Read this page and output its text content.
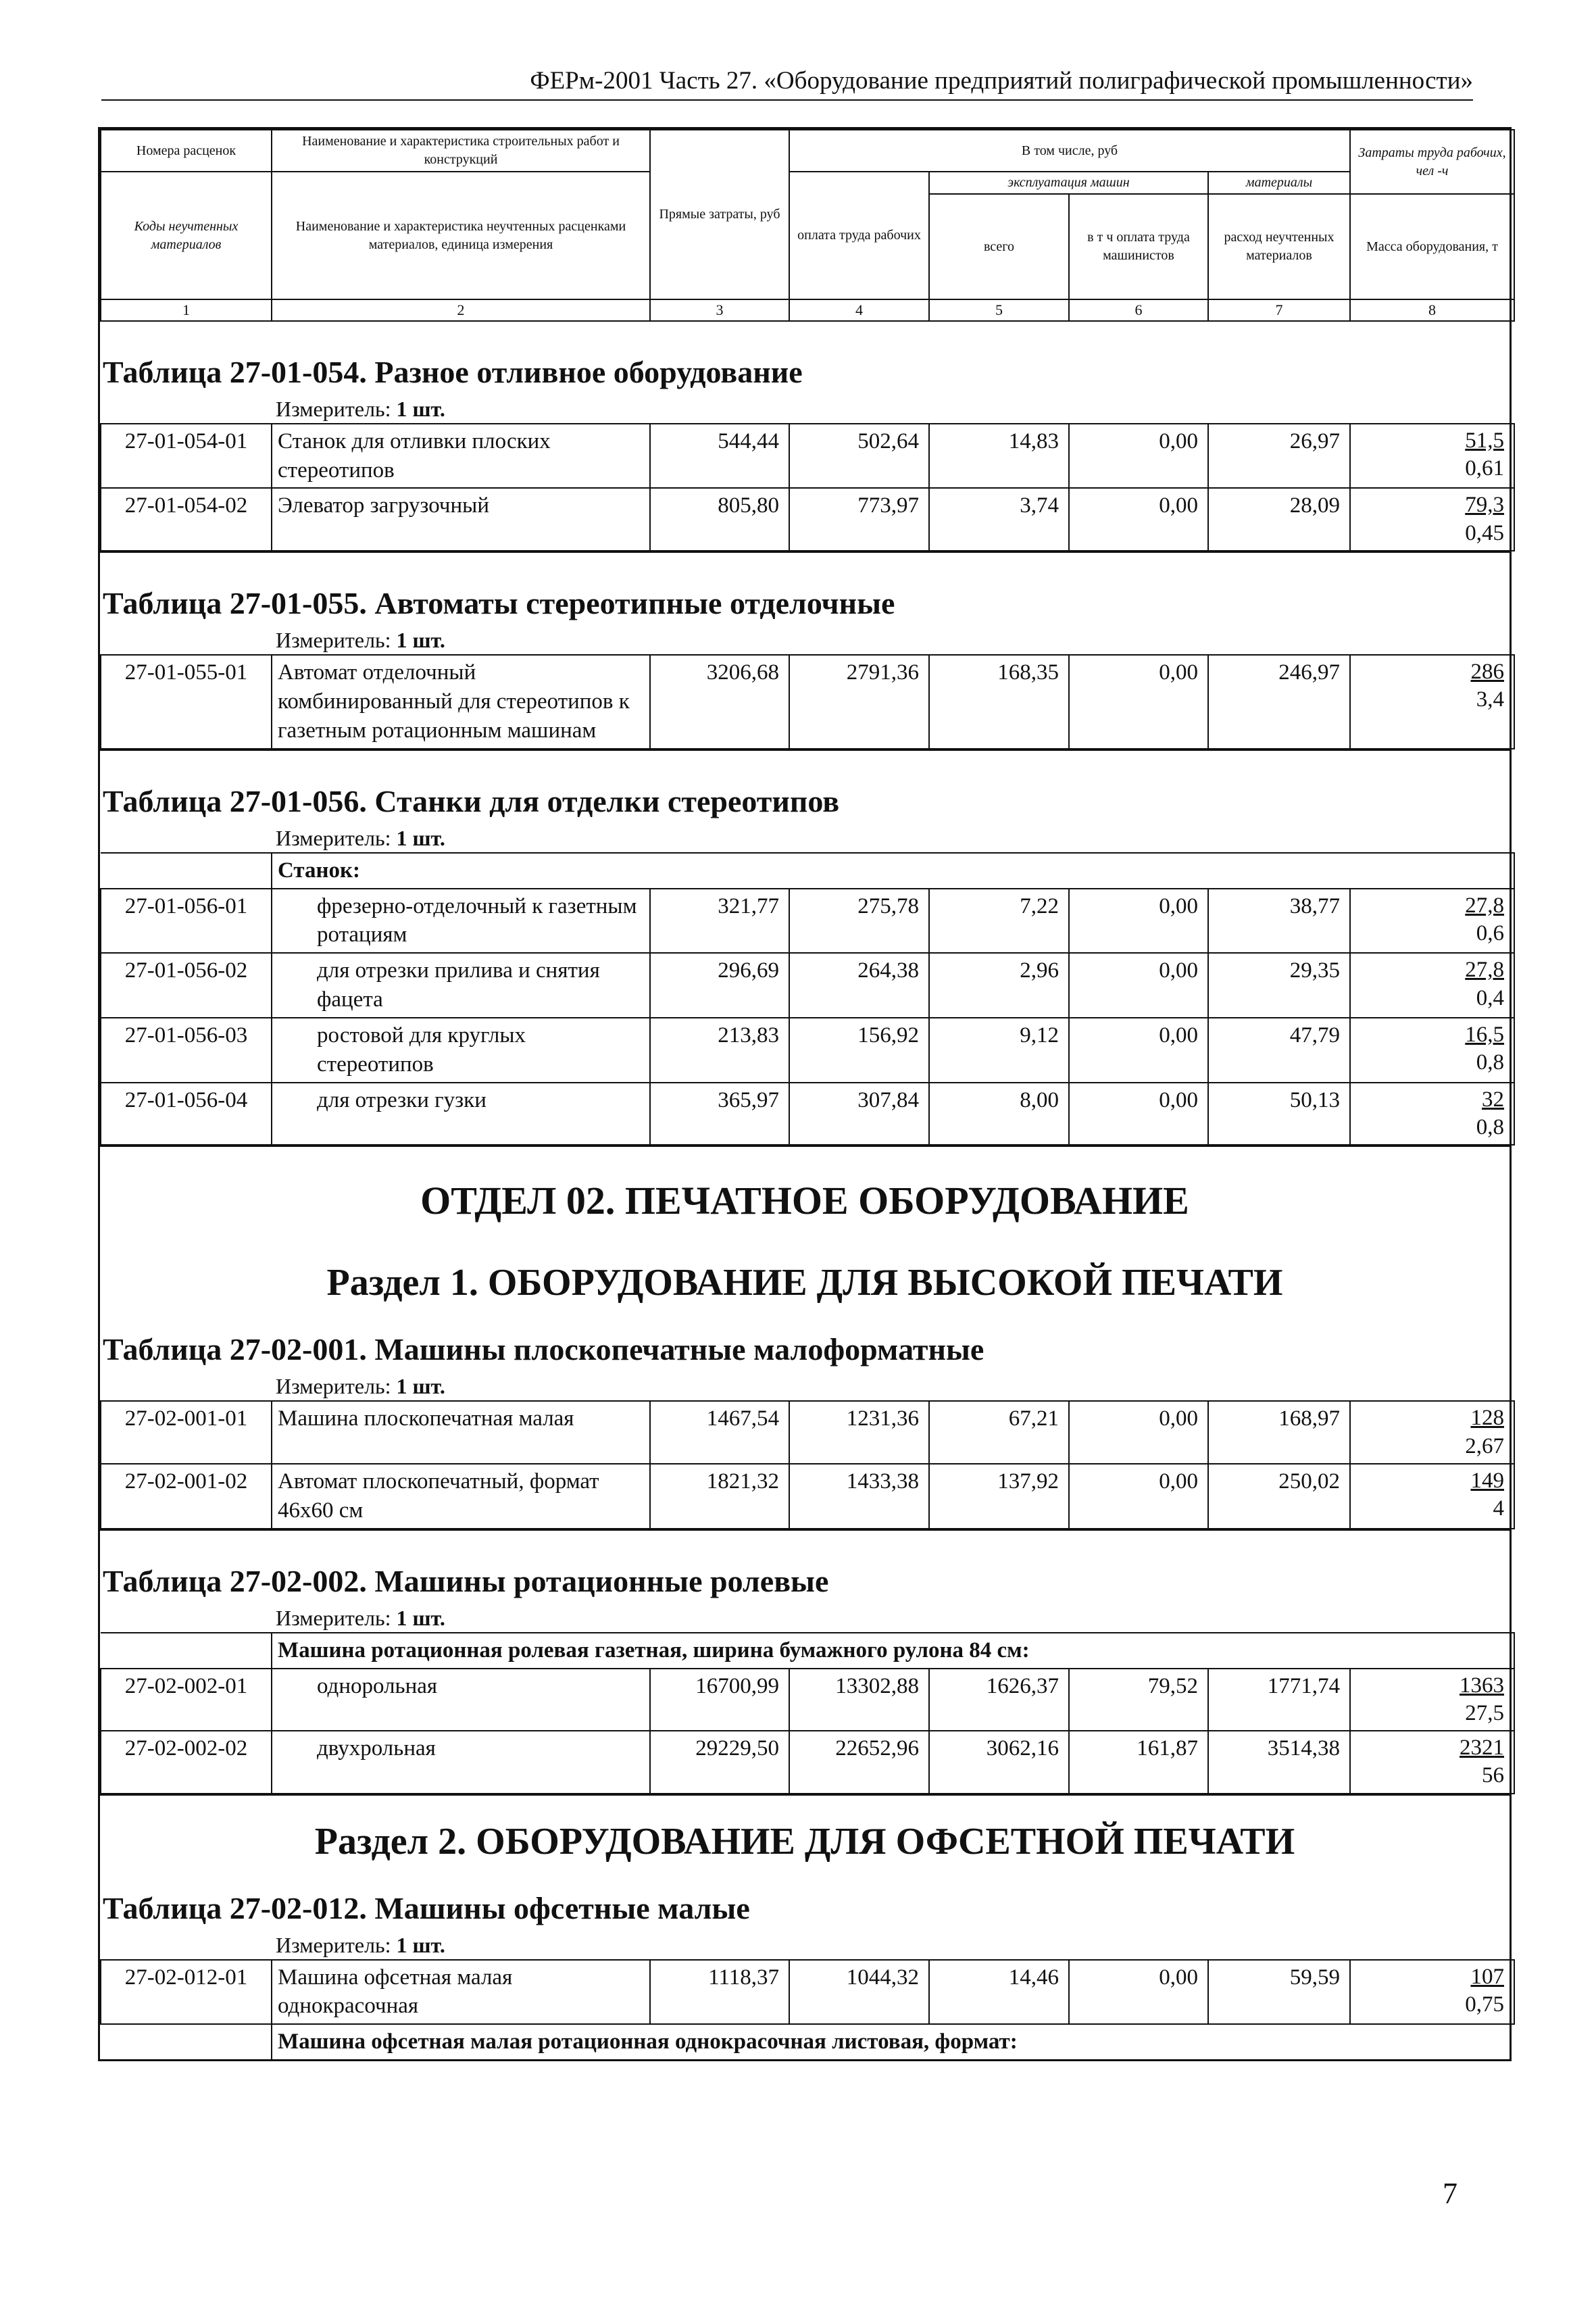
ФЕРм-2001 Часть 27. «Оборудование предприятий полиграфической промышленности»
Номера расценок	Наименование и характеристика строительных работ и конструкций	Прямые затраты, руб	В том числе, руб				Затраты труда рабочих, чел -ч
Коды неучтенных материалов	Наименование и характеристика неучтенных расценками материалов, единица измерения		оплата труда рабочих	эксплуатация машин		материалы	
				всего	в т ч оплата труда машинистов	расход неучтенных материалов	Масса оборудования, т
1	2	3	4	5	6	7	8
Таблица 27-01-054. Разное отливное оборудование
Измеритель: 1 шт.
27-01-054-01	Станок для отливки плоских стереотипов	544,44	502,64	14,83	0,00	26,97	51,5
0,61

27-01-054-02	Элеватор загрузочный	805,80	773,97	3,74	0,00	28,09	79,3
0,45
Таблица 27-01-055. Автоматы стереотипные отделочные
Измеритель: 1 шт.
27-01-055-01	Автомат отделочный комбинированный для стереотипов к газетным ротационным машинам	3206,68	2791,36	168,35	0,00	246,97	286
3,4
Таблица 27-01-056. Станки для отделки стереотипов
Измеритель: 1 шт.
	Станок:						
27-01-056-01	фрезерно-отделочный к газетным ротациям	321,77	275,78	7,22	0,00	38,77	27,8
0,6

27-01-056-02	для отрезки прилива и снятия фацета	296,69	264,38	2,96	0,00	29,35	27,8
0,4

27-01-056-03	ростовой для круглых стереотипов	213,83	156,92	9,12	0,00	47,79	16,5
0,8

27-01-056-04	для отрезки гузки	365,97	307,84	8,00	0,00	50,13	32
0,8
ОТДЕЛ 02. ПЕЧАТНОЕ ОБОРУДОВАНИЕ
Раздел 1. ОБОРУДОВАНИЕ ДЛЯ ВЫСОКОЙ ПЕЧАТИ
Таблица 27-02-001. Машины плоскопечатные малоформатные
Измеритель: 1 шт.
27-02-001-01	Машина плоскопечатная малая	1467,54	1231,36	67,21	0,00	168,97	128
2,67

27-02-001-02	Автомат плоскопечатный, формат 46х60 см	1821,32	1433,38	137,92	0,00	250,02	149
4
Таблица 27-02-002. Машины ротационные ролевые
Измеритель: 1 шт.
	Машина ротационная ролевая газетная, ширина бумажного рулона 84 см:						
27-02-002-01	однорольная	16700,99	13302,88	1626,37	79,52	1771,74	1363
27,5

27-02-002-02	двухрольная	29229,50	22652,96	3062,16	161,87	3514,38	2321
56
Раздел 2. ОБОРУДОВАНИЕ ДЛЯ ОФСЕТНОЙ ПЕЧАТИ
Таблица 27-02-012. Машины офсетные малые
Измеритель: 1 шт.
27-02-012-01	Машина офсетная малая однокрасочная	1118,37	1044,32	14,46	0,00	59,59	107
0,75

	Машина офсетная малая ротационная однокрасочная листовая, формат:						
7
